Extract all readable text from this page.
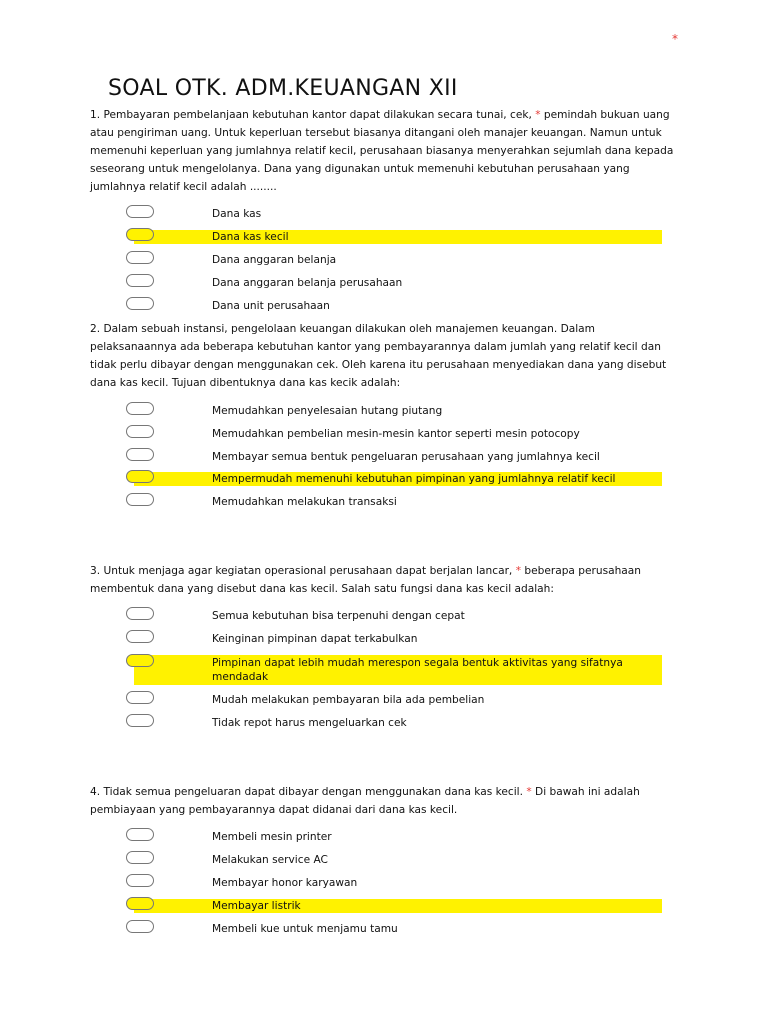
*
SOAL OTK. ADM.KEUANGAN XII
1. Pembayaran pembelanjaan kebutuhan kantor dapat dilakukan secara tunai, cek, * pemindah bukuan uang atau pengiriman uang. Untuk keperluan tersebut biasanya ditangani oleh manajer keuangan. Namun untuk memenuhi keperluan yang jumlahnya relatif kecil, perusahaan biasanya menyerahkan sejumlah dana kepada seseorang untuk mengelolanya. Dana yang digunakan untuk memenuhi kebutuhan perusahaan yang jumlahnya relatif kecil adalah ........
Dana kas
Dana kas kecil
Dana anggaran belanja
Dana anggaran belanja perusahaan
Dana unit perusahaan
2. Dalam sebuah instansi, pengelolaan keuangan dilakukan oleh manajemen keuangan. Dalam pelaksanaannya ada beberapa kebutuhan kantor yang pembayarannya dalam jumlah yang relatif kecil dan tidak perlu dibayar dengan menggunakan cek. Oleh karena itu perusahaan menyediakan dana yang disebut dana kas kecil. Tujuan dibentuknya dana kas kecik adalah:
Memudahkan penyelesaian hutang piutang
Memudahkan pembelian mesin-mesin kantor seperti mesin potocopy
Membayar semua bentuk pengeluaran perusahaan yang jumlahnya kecil
Mempermudah memenuhi kebutuhan pimpinan yang jumlahnya relatif kecil
Memudahkan melakukan transaksi
3. Untuk menjaga agar kegiatan operasional perusahaan dapat berjalan lancar, * beberapa perusahaan membentuk dana yang disebut dana kas kecil. Salah satu fungsi dana kas kecil adalah:
Semua kebutuhan bisa terpenuhi dengan cepat
Keinginan pimpinan dapat terkabulkan
Pimpinan dapat lebih mudah merespon segala bentuk aktivitas yang sifatnya mendadak
Mudah melakukan pembayaran bila ada pembelian
Tidak repot harus mengeluarkan cek
4. Tidak semua pengeluaran dapat dibayar dengan menggunakan dana kas kecil. * Di bawah ini adalah pembiayaan yang pembayarannya dapat didanai dari dana kas kecil.
Membeli mesin printer
Melakukan service AC
Membayar honor karyawan
Membayar listrik
Membeli kue untuk menjamu tamu
